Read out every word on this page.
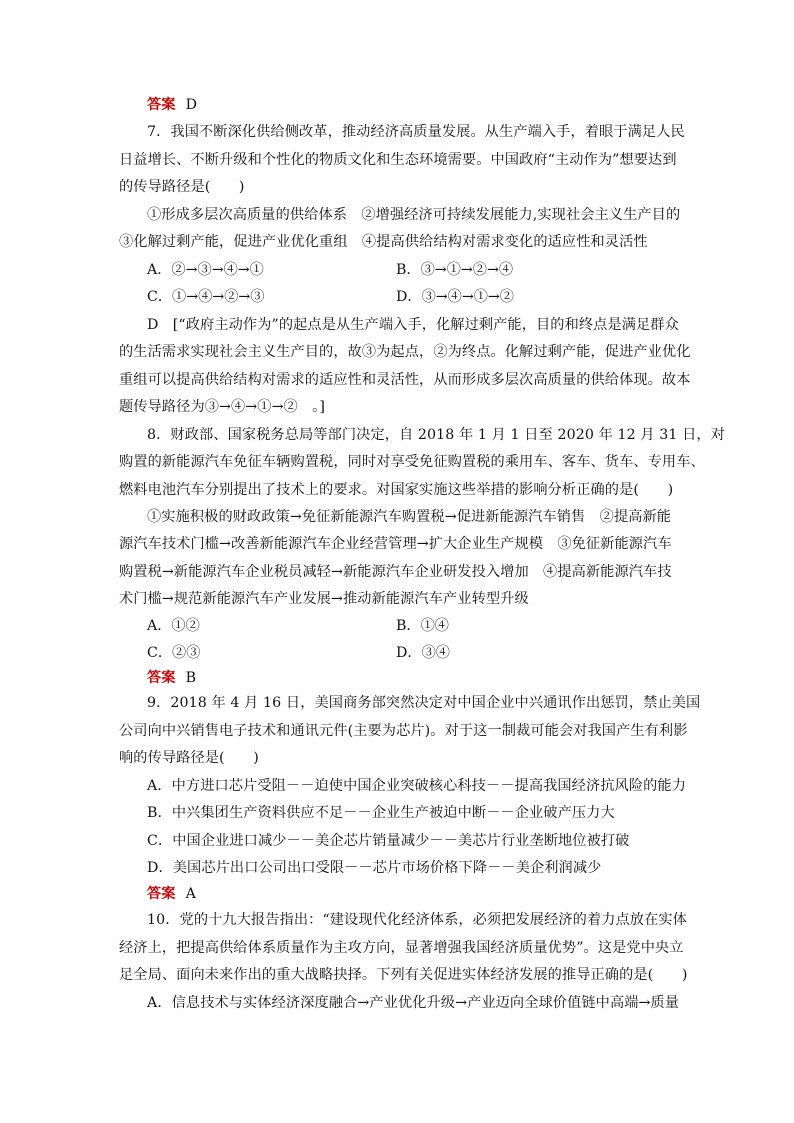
答案 D
7．我国不断深化供给侧改革，推动经济高质量发展。从生产端入手，着眼于满足人民
日益增长、不断升级和个性化的物质文化和生态环境需要。中国政府“主动作为”想要达到
的传导路径是(　　)
①形成多层次高质量的供给体系　②增强经济可持续发展能力,实现社会主义生产目的
③化解过剩产能，促进产业优化重组　④提高供给结构对需求变化的适应性和灵活性
A．②→③→④→①	B．③→①→②→④
C．①→④→②→③	D．③→④→①→②
D　[“政府主动作为”的起点是从生产端入手，化解过剩产能，目的和终点是满足群众
的生活需求实现社会主义生产目的，故③为起点，②为终点。化解过剩产能，促进产业优化
重组可以提高供给结构对需求的适应性和灵活性，从而形成多层次高质量的供给体现。故本
题传导路径为③→④→①→②　。]
8．财政部、国家税务总局等部门决定，自 2018 年 1 月 1 日至 2020 年 12 月 31 日，对
购置的新能源汽车免征车辆购置税，同时对享受免征购置税的乘用车、客车、货车、专用车、
燃料电池汽车分别提出了技术上的要求。对国家实施这些举措的影响分析正确的是(　　)
①实施积极的财政政策→免征新能源汽车购置税→促进新能源汽车销售　②提高新能
源汽车技术门槛→改善新能源汽车企业经营管理→扩大企业生产规模　③免征新能源汽车
购置税→新能源汽车企业税员减轻→新能源汽车企业研发投入增加　④提高新能源汽车技
术门槛→规范新能源汽车产业发展→推动新能源汽车产业转型升级
A．①②	B．①④
C．②③	D．③④
答案 B
9．2018 年 4 月 16 日，美国商务部突然决定对中国企业中兴通讯作出惩罚，禁止美国
公司向中兴销售电子技术和通讯元件(主要为芯片)。对于这一制裁可能会对我国产生有利影
响的传导路径是(　　)
A．中方进口芯片受阻－－迫使中国企业突破核心科技－－提高我国经济抗风险的能力
B．中兴集团生产资料供应不足－－企业生产被迫中断－－企业破产压力大
C．中国企业进口减少－－美企芯片销量减少－－美芯片行业垄断地位被打破
D．美国芯片出口公司出口受限－－芯片市场价格下降－－美企利润减少
答案 A
10．党的十九大报告指出：“建设现代化经济体系，必须把发展经济的着力点放在实体
经济上，把提高供给体系质量作为主攻方向，显著增强我国经济质量优势”。这是党中央立
足全局、面向未来作出的重大战略抉择。下列有关促进实体经济发展的推导正确的是(　　)
A．信息技术与实体经济深度融合→产业优化升级→产业迈向全球价值链中高端→质量
